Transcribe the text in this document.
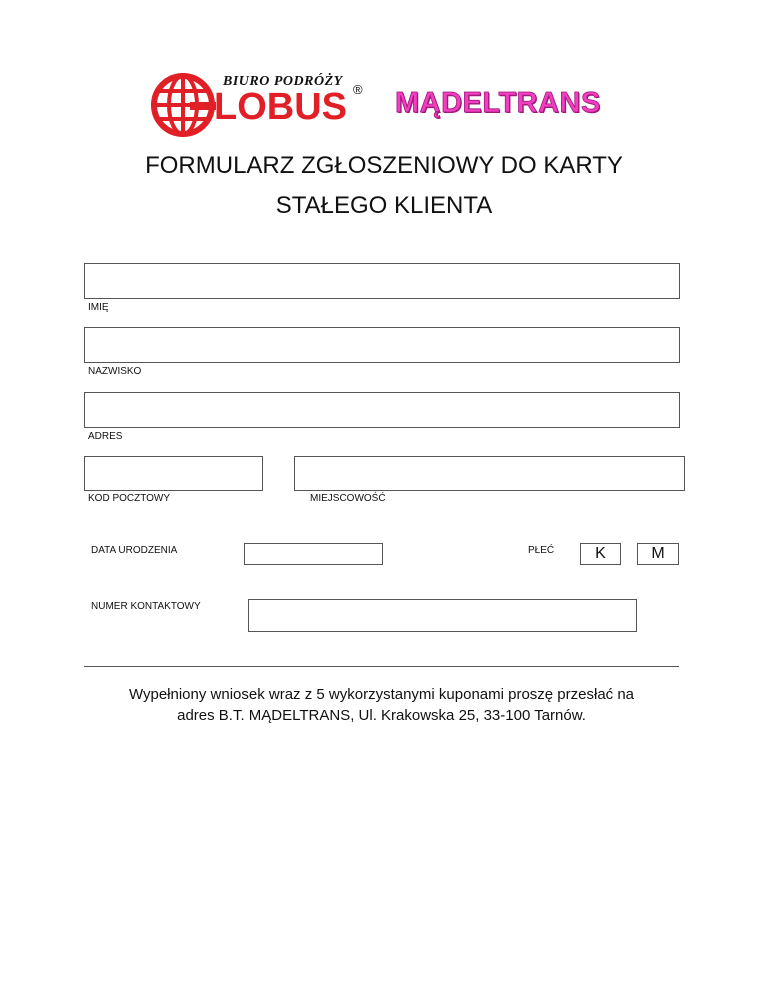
BIURO PODRÓŻY
®
LOBUS MĄDELTRANS
FORMULARZ ZGŁOSZENIOWY DO KARTY
STAŁEGO KLIENTA
IMIĘ
NAZWISKO
ADRES
KOD POCZTOWY	MIEJSCOWOŚĆ
DATA URODZENIA	PŁEĆ	K	M
NUMER KONTAKTOWY
Wypełniony wniosek wraz z 5 wykorzystanymi kuponami proszę przesłać na
adres B.T. MĄDELTRANS, Ul. Krakowska 25, 33-100 Tarnów.
